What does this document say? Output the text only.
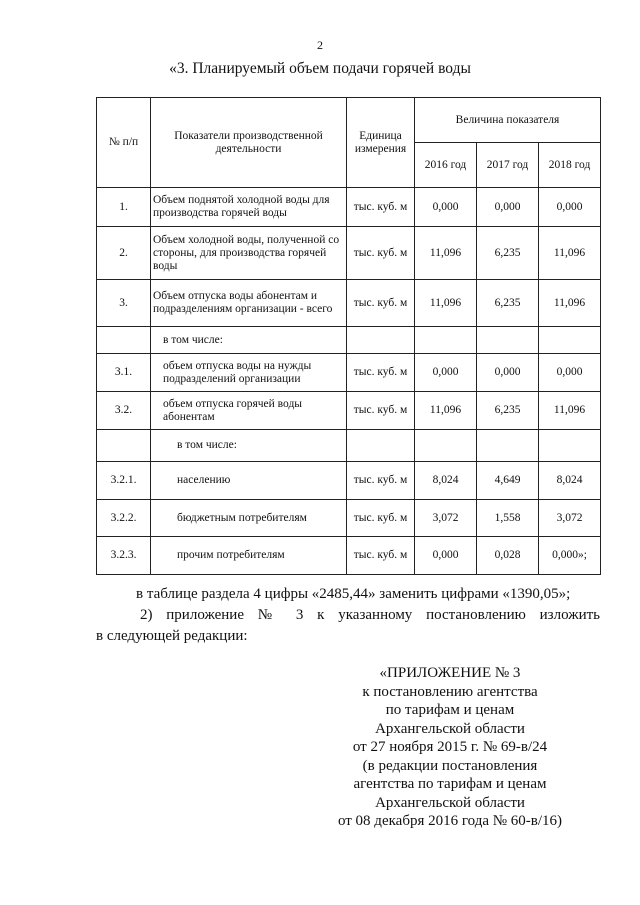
2
«3. Планируемый объем подачи горячей воды
№ п/п	Показатели производственной деятельности	Единица измерения	Величина показателя		
			2016 год	2017 год	2018 год
1.	Объем поднятой холодной воды для производства горячей воды	тыс. куб. м	0,000	0,000	0,000
2.	Объем холодной воды, полученной со стороны, для производства горячей воды	тыс. куб. м	11,096	6,235	11,096
3.	Объем отпуска воды абонентам и подразделениям организации - всего	тыс. куб. м	11,096	6,235	11,096
	в том числе:				
3.1.	объем отпуска воды на нужды подразделений организации	тыс. куб. м	0,000	0,000	0,000
3.2.	объем отпуска горячей воды абонентам	тыс. куб. м	11,096	6,235	11,096
	в том числе:				
3.2.1.	населению	тыс. куб. м	8,024	4,649	8,024
3.2.2.	бюджетным потребителям	тыс. куб. м	3,072	1,558	3,072
3.2.3.	прочим потребителям	тыс. куб. м	0,000	0,028	0,000»;
в таблице раздела 4 цифры «2485,44» заменить цифрами «1390,05»;
2) приложение № 3 к указанному постановлению изложить
в следующей редакции:
«ПРИЛОЖЕНИЕ № 3
к постановлению агентства
по тарифам и ценам
Архангельской области
от 27 ноября 2015 г. № 69-в/24
(в редакции постановления
агентства по тарифам и ценам
Архангельской области
от 08 декабря 2016 года № 60-в/16)
